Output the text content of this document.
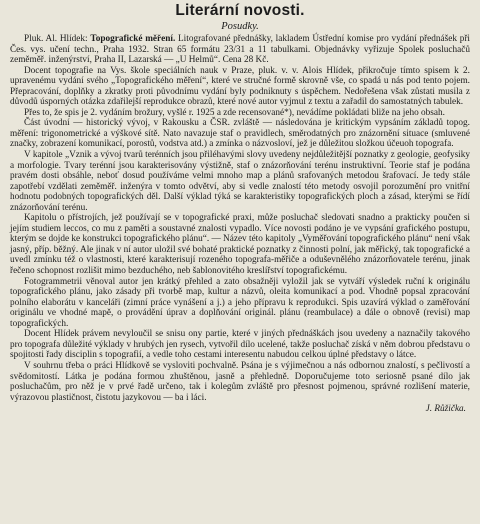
Literární novosti.
Posudky.

Pluk. Al. Hlídek: Topografické měření. Litografované přednášky, lakladem Ústřední komise pro vydání přednášek při Čes. vys. učení techn., Praha 1932. Stran 65 formátu 23/31 a 11 tabulkami. Objednávky vyřizuje Spolek posluchačů zeměměř. inženýrství, Praha II, Lazarská — „U Helmů“. Cena 28 Kč.

Docent topografie na Vys. škole speciálních nauk v Praze, pluk. v. v. Alois Hlídek, přikročuje tímto spisem k 2. upravenému vydání svého „Topografického měření“, které ve stručné formě skrovně vše, co spadá u nás pod tento pojem. Přepracování, doplňky a zkratky proti původnímu vydání byly podniknuty s úspěchem. Nedořešena však zůstati musila z důvodů úsporných otázka zdařilejší reprodukce obrazů, které nové autor vyjmul z textu a zařadil do samostatných tabulek.

Přes to, že spis je 2. vydáním brožury, vyšlé r. 1925 a zde recensované*), nevádíme pokládati bliže na jeho obsah.

Část úvodní — historický vývoj, v Rakousku a ČSR. zvláště — následována je kritickým vypsáním základů topog. měření: trigonometrické a výškové sítě. Nato navazuje staf o pravidlech, směrodatných pro znázornění situace (smluvené značky, zobrazení komunikací, porostů, vodstva atd.) a zmínka o názvosloví, jež je důležitou složkou účeuoh topografa.

V kapitole „Vznik a vývoj tvarů terénních jsou přiléhavými slovy uvedeny nejdůležitější poznatky z geologie, geofysiky a morfologie. Tvary terénní jsou karakterisovány výstižně, staf o znázorňování terénu instruktivní. Teorie staf je podána pravém dosti obsáhle, neboť dosud používáme velmi mnoho map a plánů srafovaných metodou šrafovací. Je tedy stále zapotřebí vzdělati zeměměř. inženýra v tomto odvětví, aby si vedle znalostí této metody osvojil porozumění pro vnitřní hodnotu podobných topografických děl. Další výklad týká se karakteristiky topografických ploch a zásad, kterými se řídí znázorňování terénu.

Kapitolu o přístrojích, jež používají se v topografické praxi, může posluchač sledovati snadno a prakticky poučen si jejím studiem leccos, co mu z paměti a soustavné znalosti vypadlo. Více novosti podáno je ve vypsání grafického postupu, kterým se dojde ke konstrukci topografického plánu“. — Název této kapitoly „Vyměřování topografického plánu“ není však jasný, příp. běžný. Ale jinak v ní autor uložil své bohaté praktické poznatky z činnosti polní, jak měřický, tak topografické a uvedl zmínku též o vlastnosti, které karakterisují rozeného topografa-měřiče a oduševnělého znázorňovatele terénu, jinak řečeno schopnost rozlišit mimo bezduchého, neb šablonovitého kreslířství topografickému.

Fotogrammetrii věnoval autor jen krátký přehled a zato obsažněji vyložil jak se vytváří výsledek ruční k originálu topografického plánu, jako zásady při tvorbě map, kultur a názvů, oleita komunikací a pod. Vhodně popsal zpracování polního elaborátu v kanceláři (zimní práce vynášení a j.) a jeho přípravu k reprodukci. Spis uzavírá výklad o zaměřování originálu ve vhodné mapě, o provádění úprav a doplňování originál. plánu (reambulace) a dále o obnově (revisi) map topografických.

Docent Hlídek právem nevyloučil se snisu ony partie, které v jiných přednáškách jsou uvedeny a naznačily takového pro topografa důležité výklady v hrubých jen rysech, vytvořil dílo ucelené, takže posluchač získá v něm dobrou představu o spojitosti řady disciplin s topografií, a vedle toho cestami interesentu nabudou celkou úplné představy o látce.

V souhrnu třeba o práci Hlídkově se vysloviti pochvalně. Psána je s výjimečnou a nás odbornou znalostí, s pečlivostí a svědomitostí. Látka je podána formou zhuštěnou, jasně a přehledně. Doporučujeme toto seriosně psané dílo jak posluchačům, pro něž je v prvé řadě určeno, tak i kolegům zvláště pro přesnost pojmenou, správné rozlišení materie, výrazovou plastičnost, čistotu jazykovou — ba i láci.

J. Růžička.
